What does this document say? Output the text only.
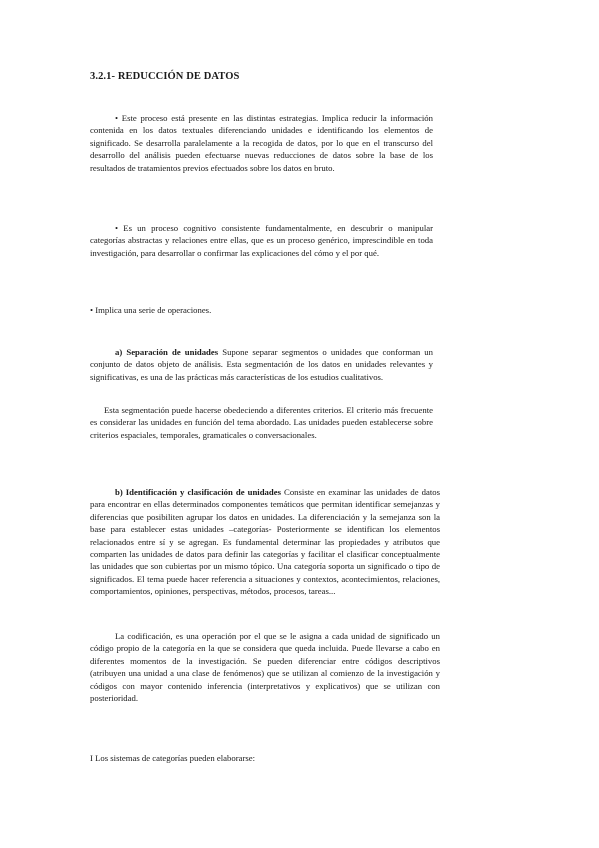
3.2.1- REDUCCIÓN DE DATOS

• Este proceso está presente en las distintas estrategias. Implica reducir la información contenida en los datos textuales diferenciando unidades e identificando los elementos de significado. Se desarrolla paralelamente a la recogida de datos, por lo que en el transcurso del desarrollo del análisis pueden efectuarse nuevas reducciones de datos sobre la base de los resultados de tratamientos previos efectuados sobre los datos en bruto.

• Es un proceso cognitivo consistente fundamentalmente, en descubrir o manipular categorías abstractas y relaciones entre ellas, que es un proceso genérico, imprescindible en toda investigación, para desarrollar o confirmar las explicaciones del cómo y el por qué.

• Implica una serie de operaciones.

a) Separación de unidades Supone separar segmentos o unidades que conforman un conjunto de datos objeto de análisis. Esta segmentación de los datos en unidades relevantes y significativas, es una de las prácticas más características de los estudios cualitativos.

Esta segmentación puede hacerse obedeciendo a diferentes criterios. El criterio más frecuente es considerar las unidades en función del tema abordado. Las unidades pueden establecerse sobre criterios espaciales, temporales, gramaticales o conversacionales.

b) Identificación y clasificación de unidades Consiste en examinar las unidades de datos para encontrar en ellas determinados componentes temáticos que permitan identificar semejanzas y diferencias que posibiliten agrupar los datos en unidades. La diferenciación y la semejanza son la base para establecer estas unidades –categorías- Posteriormente se identifican los elementos relacionados entre sí y se agregan. Es fundamental determinar las propiedades y atributos que comparten las unidades de datos para definir las categorías y facilitar el clasificar conceptualmente las unidades que son cubiertas por un mismo tópico. Una categoría soporta un significado o tipo de significados. El tema puede hacer referencia a situaciones y contextos, acontecimientos, relaciones, comportamientos, opiniones, perspectivas, métodos, procesos, tareas...

La codificación, es una operación por el que se le asigna a cada unidad de significado un código propio de la categoría en la que se considera que queda incluida. Puede llevarse a cabo en diferentes momentos de la investigación. Se pueden diferenciar entre códigos descriptivos (atribuyen una unidad a una clase de fenómenos) que se utilizan al comienzo de la investigación y códigos con mayor contenido inferencia (interpretativos y explicativos) que se utilizan con posterioridad.

I Los sistemas de categorías pueden elaborarse:
